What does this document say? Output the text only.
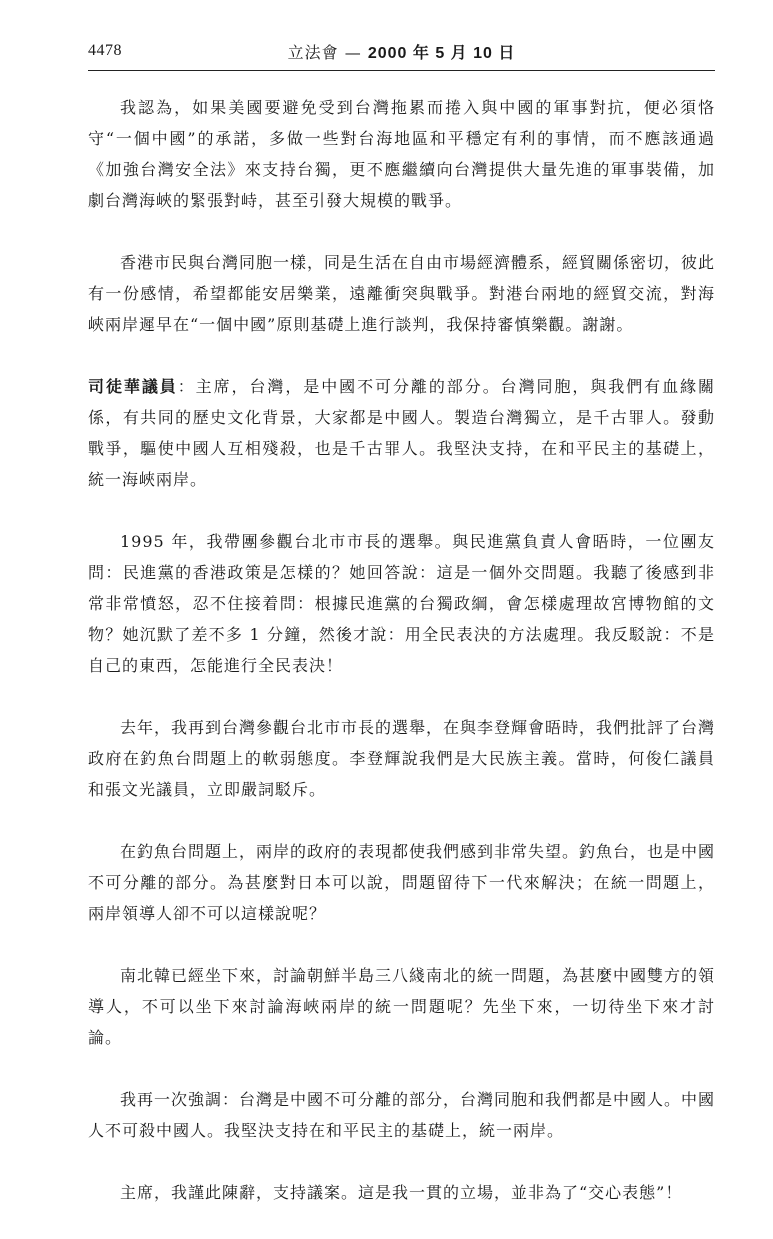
4478	立法會 — 2000 年 5 月 10 日

我認為，如果美國要避免受到台灣拖累而捲入與中國的軍事對抗，便必須恪守“一個中國”的承諾，多做一些對台海地區和平穩定有利的事情，而不應該通過《加強台灣安全法》來支持台獨，更不應繼續向台灣提供大量先進的軍事裝備，加劇台灣海峽的緊張對峙，甚至引發大規模的戰爭。

香港市民與台灣同胞一樣，同是生活在自由市場經濟體系，經貿關係密切，彼此有一份感情，希望都能安居樂業，遠離衝突與戰爭。對港台兩地的經貿交流，對海峽兩岸遲早在“一個中國”原則基礎上進行談判，我保持審慎樂觀。謝謝。

司徒華議員：主席，台灣，是中國不可分離的部分。台灣同胞，與我們有血緣關係，有共同的歷史文化背景，大家都是中國人。製造台灣獨立，是千古罪人。發動戰爭，驅使中國人互相殘殺，也是千古罪人。我堅決支持，在和平民主的基礎上，統一海峽兩岸。

1995 年，我帶團參觀台北市市長的選舉。與民進黨負責人會晤時，一位團友問：民進黨的香港政策是怎樣的？她回答說：這是一個外交問題。我聽了後感到非常非常憤怒，忍不住接着問：根據民進黨的台獨政綱，會怎樣處理故宮博物館的文物？她沉默了差不多 1 分鐘，然後才說：用全民表決的方法處理。我反駁說：不是自己的東西，怎能進行全民表決！

去年，我再到台灣參觀台北市市長的選舉，在與李登輝會晤時，我們批評了台灣政府在釣魚台問題上的軟弱態度。李登輝說我們是大民族主義。當時，何俊仁議員和張文光議員，立即嚴詞駁斥。

在釣魚台問題上，兩岸的政府的表現都使我們感到非常失望。釣魚台，也是中國不可分離的部分。為甚麼對日本可以說，問題留待下一代來解決；在統一問題上，兩岸領導人卻不可以這樣說呢？

南北韓已經坐下來，討論朝鮮半島三八綫南北的統一問題，為甚麼中國雙方的領導人，不可以坐下來討論海峽兩岸的統一問題呢？先坐下來，一切待坐下來才討論。

我再一次強調：台灣是中國不可分離的部分，台灣同胞和我們都是中國人。中國人不可殺中國人。我堅決支持在和平民主的基礎上，統一兩岸。

主席，我謹此陳辭，支持議案。這是我一貫的立場，並非為了“交心表態”！
